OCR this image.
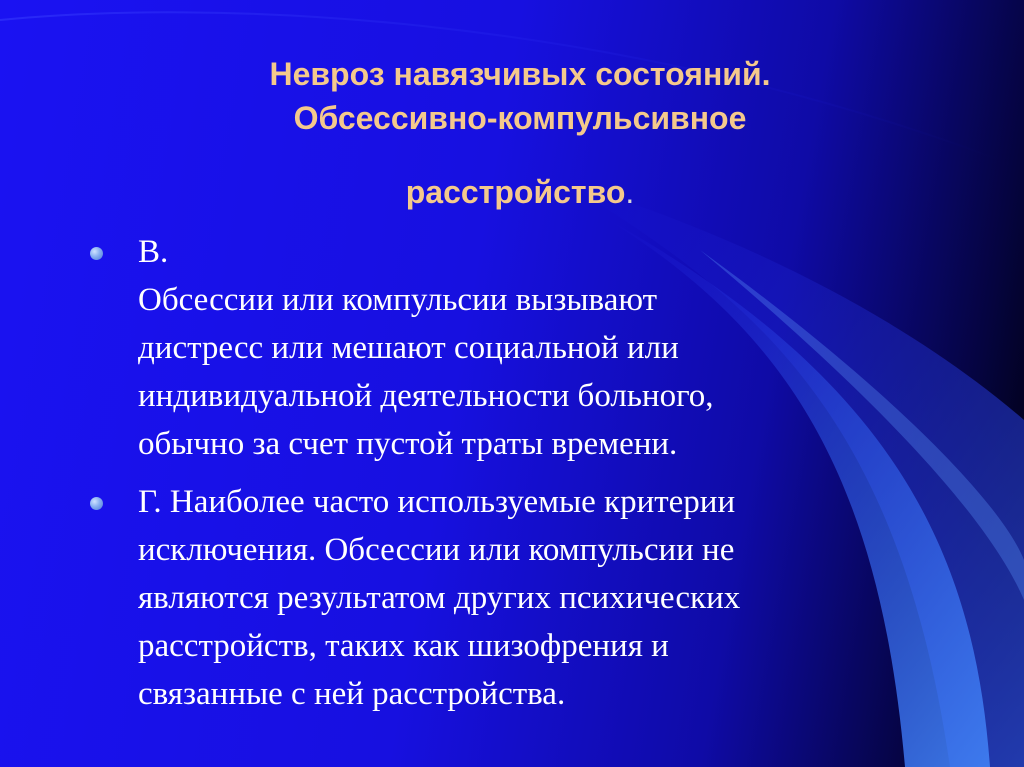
Невроз навязчивых состояний.
Обсессивно-компульсивное
расстройство.
В.
Обсессии или компульсии вызывают
дистресс или мешают социальной или
индивидуальной деятельности больного,
обычно за счет пустой траты времени.
Г. Наиболее часто используемые критерии
исключения. Обсессии или компульсии не
являются результатом других психических
расстройств, таких как шизофрения и
связанные с ней расстройства.
